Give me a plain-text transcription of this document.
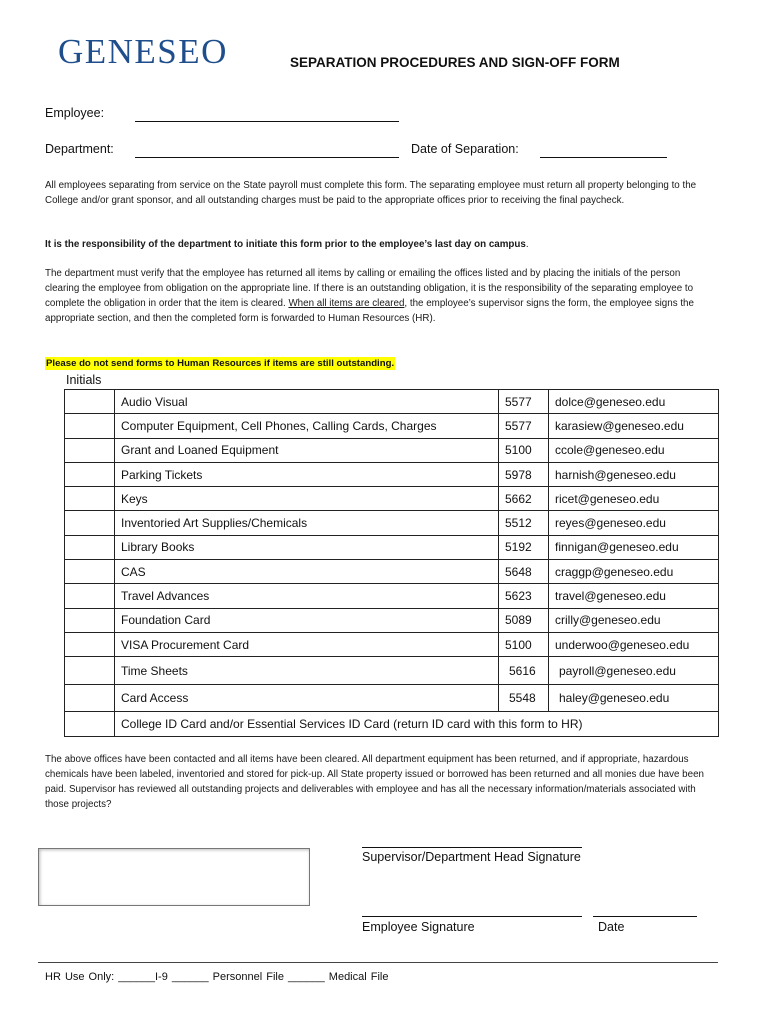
GENESEO	SEPARATION PROCEDURES AND SIGN-OFF FORM
Employee:
Department:	Date of Separation:
All employees separating from service on the State payroll must complete this form. The separating employee must return all property belonging to the College and/or grant sponsor, and all outstanding charges must be paid to the appropriate offices prior to receiving the final paycheck.
It is the responsibility of the department to initiate this form prior to the employee’s last day on campus.
The department must verify that the employee has returned all items by calling or emailing the offices listed and by placing the initials of the person clearing the employee from obligation on the appropriate line. If there is an outstanding obligation, it is the responsibility of the separating employee to complete the obligation in order that the item is cleared. When all items are cleared, the employee’s supervisor signs the form, the employee signs the appropriate section, and then the completed form is forwarded to Human Resources (HR).
Please do not send forms to Human Resources if items are still outstanding.
Initials
	Audio Visual	5577	dolce@geneseo.edu
	Computer Equipment, Cell Phones, Calling Cards, Charges	5577	karasiew@geneseo.edu
	Grant and Loaned Equipment	5100	ccole@geneseo.edu
	Parking Tickets	5978	harnish@geneseo.edu
	Keys	5662	ricet@geneseo.edu
	Inventoried Art Supplies/Chemicals	5512	reyes@geneseo.edu
	Library Books	5192	finnigan@geneseo.edu
	CAS	5648	craggp@geneseo.edu
	Travel Advances	5623	travel@geneseo.edu
	Foundation Card	5089	crilly@geneseo.edu
	VISA Procurement Card	5100	underwoo@geneseo.edu
	Time Sheets	5616	payroll@geneseo.edu
	Card Access	5548	haley@geneseo.edu
	College ID Card and/or Essential Services ID Card (return ID card with this form to HR)		
The above offices have been contacted and all items have been cleared. All department equipment has been returned, and if appropriate, hazardous chemicals have been labeled, inventoried and stored for pick-up. All State property issued or borrowed has been returned and all monies due have been paid. Supervisor has reviewed all outstanding projects and deliverables with employee and has all the necessary information/materials associated with those projects?
Supervisor/Department Head Signature
Employee Signature	Date
HR Use Only: ______I-9 ______ Personnel File ______ Medical File
